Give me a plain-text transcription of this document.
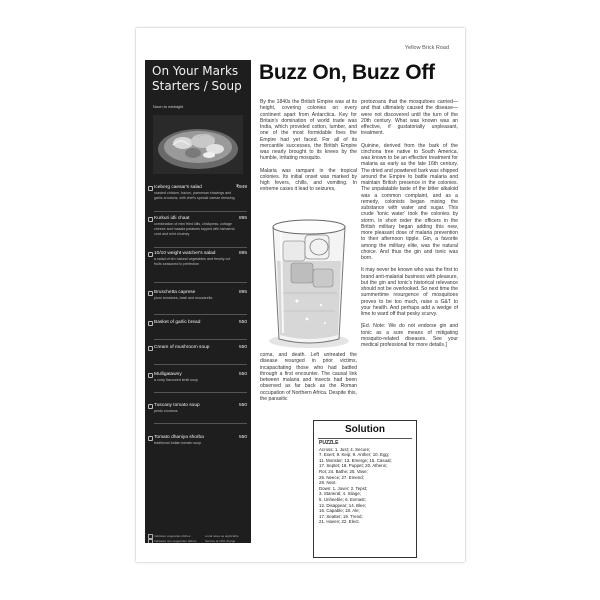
Yellow Brick Road
On Your Marks
Starters / Soup
Noon to midnight
Iceberg caesar's salad	₹949
roasted chicken, bacon, parmesan shavings and garlic croutons, with chef's special caesar dressing
Kurkuri idli chaat	895
combination of mini fried idlis, chickpeas, cottage cheese and masala potatoes topped with tamarind, curd and mint chutney
10/10 weight watcher's salad	895
a salad of ten natural vegetables and freshly cut fruits seasoned to perfection
Bruschetta caprese	895
plum tomatoes, basil and mozzarella
Basket of garlic bread	550
Cream of mushroom soup	550
Mulligatawny	550
a curry flavoured lentil soup
Tuscany tomato soup	550
pesto croutons
Tomato dhaniya shorba	550
traditional Indian tomato soup
Indicates vegetarian dishes	Local taxes as applicable
Indicates non-vegetarian dishes	Service at 10% charge
Buzz On, Buzz Off

By the 1840s the British Empire was at its height, covering colonies on every continent apart from Antarctica. Key for Britain's domination of world trade was India, which provided cotton, lumber, and one of the most formidable foes the Empire had yet faced. For all of its mercantile successes, the British Empire was nearly brought to its knees by the humble, irritating mosquito.

Malaria was rampant in the tropical colonies. Its initial onset was marked by high fevers, chills, and vomiting. In extreme cases it lead to seizures,

coma, and death. Left untreated the disease resurged in prior victims, incapacitating those who had battled through a first encounter. The causal link between malaria and insects had been observed as far back as the Roman occupation of Northern Africa. Despite this, the parasitic

protozoans that the mosquitoes carried—and that ultimately caused the disease—were not discovered until the turn of the 20th century. What was known was an effective, if gustatorially unpleasant, treatment.

Quinine, derived from the bark of the cinchona tree native to South America, was known to be an effective treatment for malaria as early as the late 16th century. The dried and powdered bark was shipped around the Empire to battle malaria and maintain British presence in the colonies. The unpalatable taste of the bitter alkaloid was a common complaint, and as a remedy, colonists began mixing the substance with water and sugar. This crude 'tonic water' took the colonies by storm. In short order the officers in the British military began adding this new, more pleasant dose of malaria prevention to their afternoon tipple. Gin, a favorite among the military elite, was the natural choice. And thus the gin and tonic was born.

It may never be known who was the first to brand anti-malarial business with pleasure, but the gin and tonic's historical relevance should not be overlooked. So next time the summertime resurgence of mosquitoes proves to be too much, raise a G&T to your health. And perhaps add a wedge of lime to ward off that pesky scurvy.

[Ed. Note: We do not endorse gin and tonic as a sure means of mitigating mosquito-related diseases. See your medical professional for more details.]

Solution
PUZZLE
Across: 1. Just; 4. Secure;
7. Exert; 8. Keip; 9. Anther; 10. Egg;
11. Monster; 13. Emerge; 15. Casual;
17. Septet; 18. Puppet; 20. Athens;
Rot; 24. Bathe; 25. Vase;
26. Neece; 27. Emend;
28. Next.
Down: 1. Jover; 2. Tepst;
3. Staneral; 4. Silage;
5. Unheeble; 6. Exmast;
12. Disappear; 14. Blee;
16. Capable; 18. Ale;
17. Seatter; 19. Trend;
21. Haven; 22. Elect.
